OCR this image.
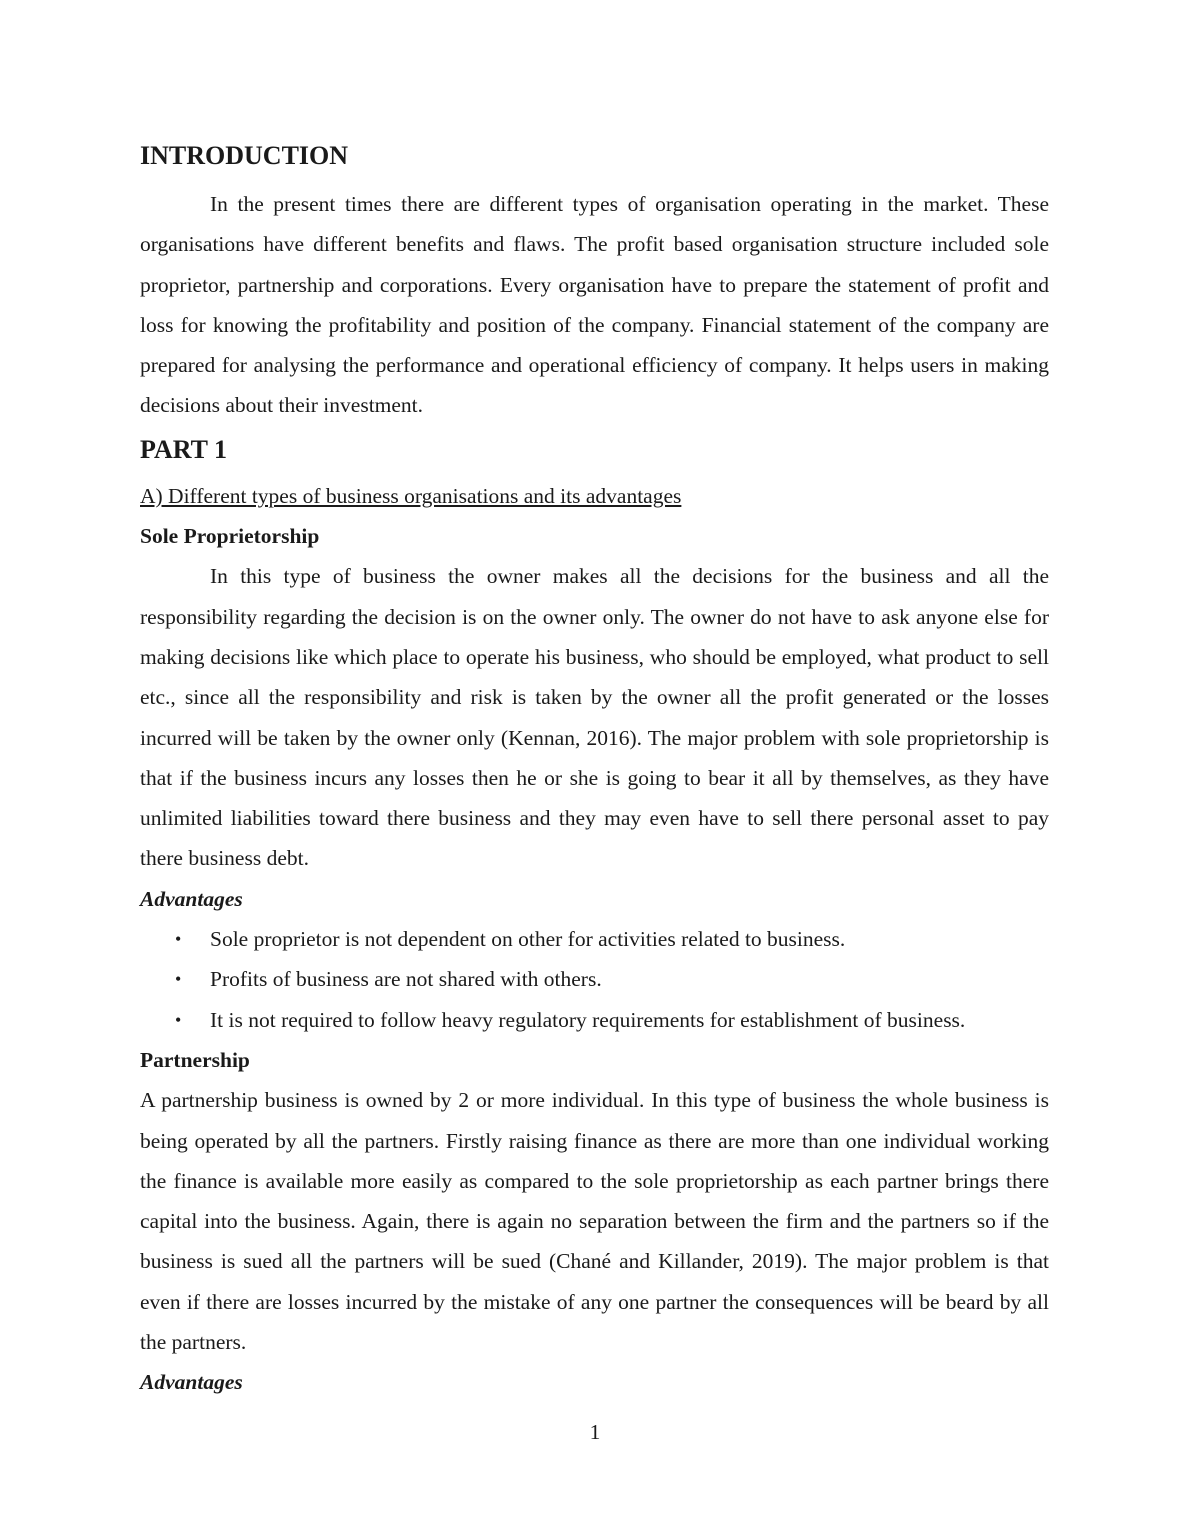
INTRODUCTION

In the present times there are different types of organisation operating in the market. These organisations have different benefits and flaws. The profit based organisation structure included sole proprietor, partnership and corporations. Every organisation have to prepare the statement of profit and loss for knowing the profitability and position of the company. Financial statement of the company are prepared for analysing the performance and operational efficiency of company. It helps users in making decisions about their investment.

PART 1
A) Different types of business organisations and its advantages
Sole Proprietorship

In this type of business the owner makes all the decisions for the business and all the responsibility regarding the decision is on the owner only. The owner do not have to ask anyone else for making decisions like which place to operate his business, who should be employed, what product to sell etc., since all the responsibility and risk is taken by the owner all the profit generated or the losses incurred will be taken by the owner only (Kennan, 2016). The major problem with sole proprietorship is that if the business incurs any losses then he or she is going to bear it all by themselves, as they have unlimited liabilities toward there business and they may even have to sell there personal asset to pay there business debt.

Advantages
• Sole proprietor is not dependent on other for activities related to business.
• Profits of business are not shared with others.
• It is not required to follow heavy regulatory requirements for establishment of business.
Partnership

A partnership business is owned by 2 or more individual. In this type of business the whole business is being operated by all the partners. Firstly raising finance as there are more than one individual working the finance is available more easily as compared to the sole proprietorship as each partner brings there capital into the business. Again, there is again no separation between the firm and the partners so if the business is sued all the partners will be sued (Chané and Killander, 2019). The major problem is that even if there are losses incurred by the mistake of any one partner the consequences will be beard by all the partners.

Advantages
1
